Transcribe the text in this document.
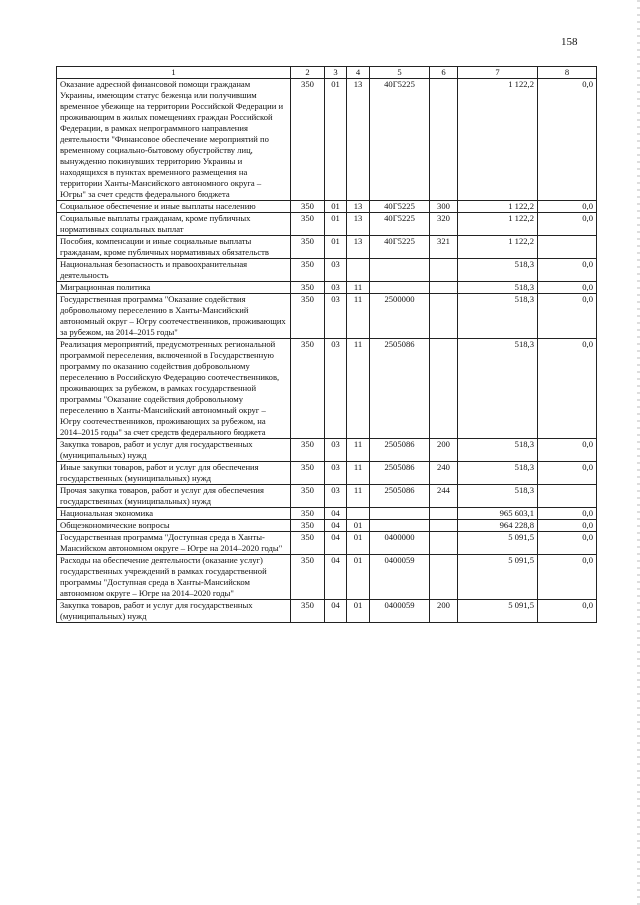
158
1	2	3	4	5	6	7	8
Оказание адресной финансовой помощи гражданам Украины, имеющим статус беженца или получившим временное убежище на территории Российской Федерации и проживающим в жилых помещениях граждан Российской Федерации, в рамках непрограммного направления деятельности "Финансовое обеспечение мероприятий по временному социально-бытовому обустройству лиц, вынужденно покинувших территорию Украины и находящихся в пунктах временного размещения на территории Ханты-Мансийского автономного округа – Югры" за счет средств федерального бюджета	350	01	13	40Г5225		1 122,2	0,0
Социальное обеспечение и иные выплаты населению	350	01	13	40Г5225	300	1 122,2	0,0
Социальные выплаты гражданам, кроме публичных нормативных социальных выплат	350	01	13	40Г5225	320	1 122,2	0,0
Пособия, компенсации и иные социальные выплаты гражданам, кроме публичных нормативных обязательств	350	01	13	40Г5225	321	1 122,2	
Национальная безопасность и правоохранительная деятельность	350	03				518,3	0,0
Миграционная политика	350	03	11			518,3	0,0
Государственная программа "Оказание содействия добровольному переселению в Ханты-Мансийский автономный округ – Югру соотечественников, проживающих за рубежом, на 2014–2015 годы"	350	03	11	2500000		518,3	0,0
Реализация мероприятий, предусмотренных региональной программой переселения, включенной в Государственную программу по оказанию содействия добровольному переселению в Российскую Федерацию соотечественников, проживающих за рубежом, в рамках государственной программы "Оказание содействия добровольному переселению в Ханты-Мансийский автономный округ – Югру соотечественников, проживающих за рубежом, на 2014–2015 годы" за счет средств федерального бюджета	350	03	11	2505086		518,3	0,0
Закупка товаров, работ и услуг для государственных (муниципальных) нужд	350	03	11	2505086	200	518,3	0,0
Иные закупки товаров, работ и услуг для обеспечения государственных (муниципальных) нужд	350	03	11	2505086	240	518,3	0,0
Прочая закупка товаров, работ и услуг для обеспечения государственных (муниципальных) нужд	350	03	11	2505086	244	518,3	
Национальная экономика	350	04				965 603,1	0,0
Общеэкономические вопросы	350	04	01			964 228,8	0,0
Государственная программа "Доступная среда в Ханты-Мансийском автономном округе – Югре на 2014–2020 годы"	350	04	01	0400000		5 091,5	0,0
Расходы на обеспечение деятельности (оказание услуг) государственных учреждений в рамках государственной программы "Доступная среда в Ханты-Мансийском автономном округе – Югре на 2014–2020 годы"	350	04	01	0400059		5 091,5	0,0
Закупка товаров, работ и услуг для государственных (муниципальных) нужд	350	04	01	0400059	200	5 091,5	0,0
